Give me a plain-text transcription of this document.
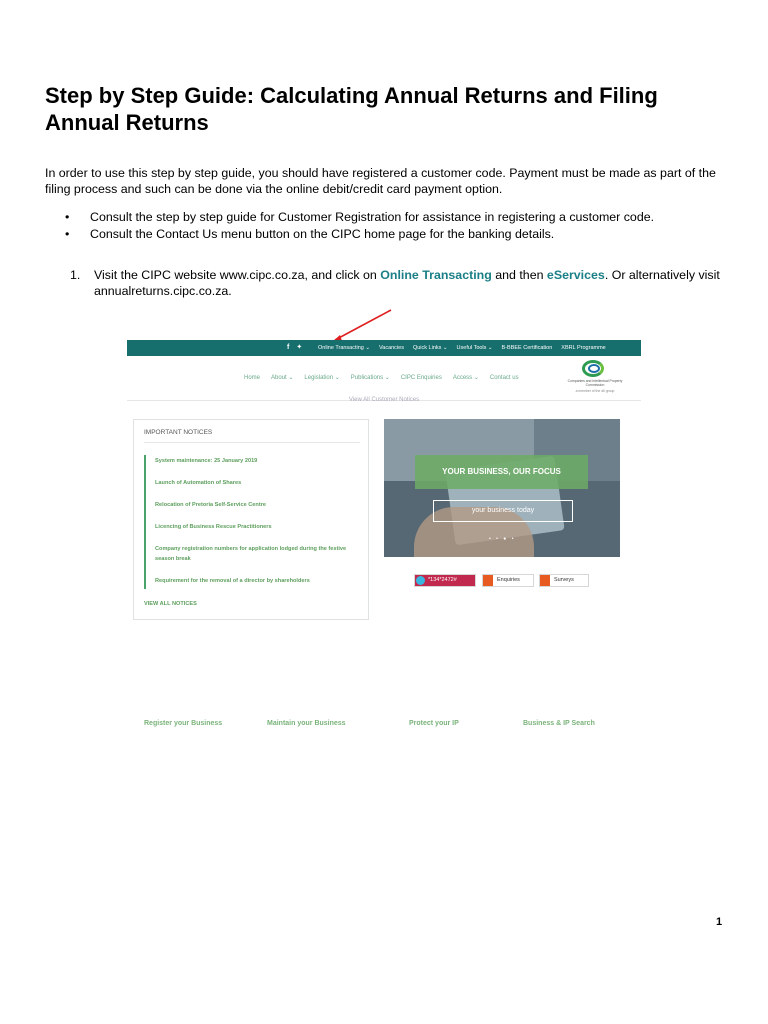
Step by Step Guide: Calculating Annual Returns and Filing Annual Returns

In order to use this step by step guide, you should have registered a customer code. Payment must be made as part of the filing process and such can be done via the online debit/credit card payment option.

• Consult the step by step guide for Customer Registration for assistance in registering a customer code.
• Consult the Contact Us menu button on the CIPC home page for the banking details.
1.	Visit the CIPC website www.cipc.co.za, and click on Online Transacting and then eServices. Or alternatively visit annualreturns.cipc.co.za.
f ✦	Online Transacting ⌄ Vacancies Quick Links ⌄ Useful Tools ⌄ B-BBEE Certification XBRL Programme
Home About ⌄ Legislation ⌄ Publications ⌄ CIPC Enquiries Access ⌄ Contact us	Companies and Intellectual Property Commission
a member of the dti group
View All Customer Notices
IMPORTANT NOTICES
System maintenance: 25 January 2019
Launch of Automation of Shares
Relocation of Pretoria Self-Service Centre
Licencing of Business Rescue Practitioners
Company registration numbers for application lodged during the festive season break
Requirement for the removal of a director by shareholders
VIEW ALL NOTICES
YOUR BUSINESS, OUR FOCUS
your business today
• • ● •
*134*2472#	Enquiries	Surveys
Register your Business	Maintain your Business	Protect your IP	Business & IP Search
1
